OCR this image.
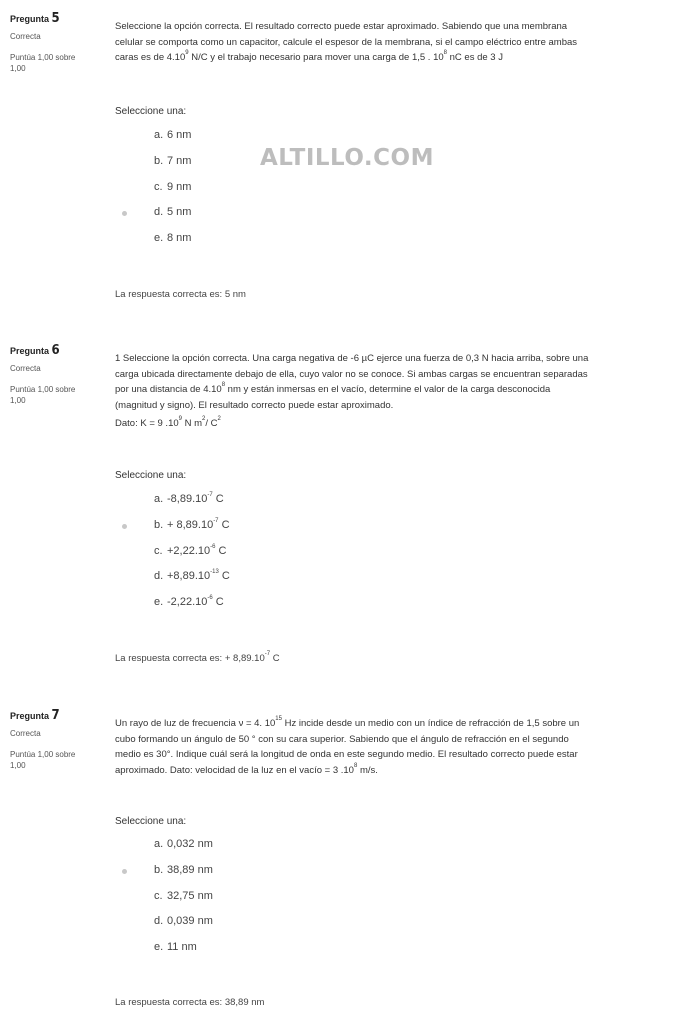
ALTILLO.COM
Pregunta 5
Correcta
Puntúa 1,00 sobre 1,00

Seleccione la opción correcta. El resultado correcto puede estar aproximado. Sabiendo que una membrana

celular se comporta como un capacitor, calcule el espesor de la membrana, si el campo eléctrico entre ambas

caras es de 4.10$^9$ N/C y el trabajo necesario para mover una carga de 1,5 . $10^8$ nC es de 3 J

Seleccione una:
a. 6 nm
b. 7 nm
c. 9 nm
d. 5 nm
e. 8 nm
La respuesta correcta es: 5 nm
Pregunta 6
Correcta
Puntúa 1,00 sobre 1,00

1 Seleccione la opción correcta. Una carga negativa de -6 µC ejerce una fuerza de 0,3 N hacia arriba, sobre una

carga ubicada directamente debajo de ella, cuyo valor no se conoce. Si ambas cargas se encuentran separadas

por una distancia de 4.10$^8$ nm y están inmersas en el vacío, determine el valor de la carga desconocida

(magnitud y signo). El resultado correcto puede estar aproximado.

Dato: K = 9 $.10^9$ N $m^2/$ $C^2$

Seleccione una:
a. $-8,89.10^{-7}$ C
b. + $8,89.10^{-7}$ C
c. $+2,22.10^{-6}$ C
d. $+8,89.10^{-13}$ C
e. $-2,22.10^{-6}$ C
La respuesta correcta es: + $8,89.10^{-7}$ C
Pregunta 7
Correcta
Puntúa 1,00 sobre 1,00

Un rayo de luz de frecuencia ν = 4. $10^{15}$ Hz incide desde un medio con un índice de refracción de 1,5 sobre un

cubo formando un ángulo de 50 ° con su cara superior. Sabiendo que el ángulo de refracción en el segundo

medio es 30°. Indique cuál será la longitud de onda en este segundo medio. El resultado correcto puede estar

aproximado. Dato: velocidad de la luz en el vacío = 3 $.10^8$ m/s.

Seleccione una:
a. 0,032 nm
b. 38,89 nm
c. 32,75 nm
d. 0,039 nm
e. 11 nm
La respuesta correcta es: 38,89 nm
